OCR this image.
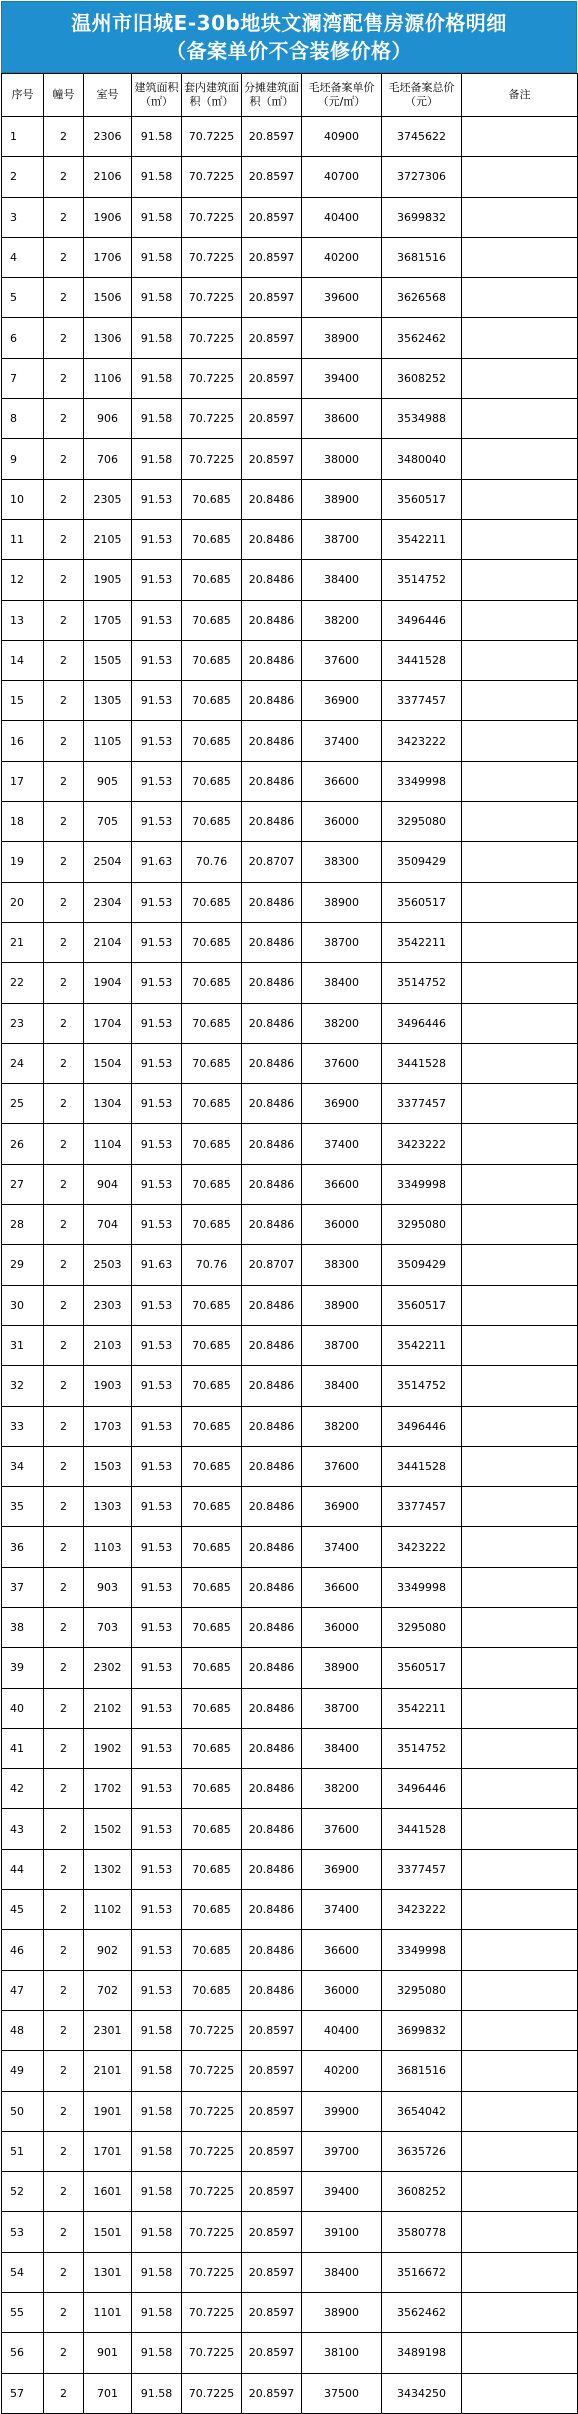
温州市旧城E-30b地块文澜湾配售房源价格明细
（备案单价不含装修价格）
序号	幢号	室号	建筑面积（㎡）	套内建筑面积（㎡）	分摊建筑面积（㎡）	毛坯备案单价（元/㎡）	毛坯备案总价（元）	备注
1	2	2306	91.58	70.7225	20.8597	40900	3745622	
2	2	2106	91.58	70.7225	20.8597	40700	3727306	
3	2	1906	91.58	70.7225	20.8597	40400	3699832	
4	2	1706	91.58	70.7225	20.8597	40200	3681516	
5	2	1506	91.58	70.7225	20.8597	39600	3626568	
6	2	1306	91.58	70.7225	20.8597	38900	3562462	
7	2	1106	91.58	70.7225	20.8597	39400	3608252	
8	2	906	91.58	70.7225	20.8597	38600	3534988	
9	2	706	91.58	70.7225	20.8597	38000	3480040	
10	2	2305	91.53	70.685	20.8486	38900	3560517	
11	2	2105	91.53	70.685	20.8486	38700	3542211	
12	2	1905	91.53	70.685	20.8486	38400	3514752	
13	2	1705	91.53	70.685	20.8486	38200	3496446	
14	2	1505	91.53	70.685	20.8486	37600	3441528	
15	2	1305	91.53	70.685	20.8486	36900	3377457	
16	2	1105	91.53	70.685	20.8486	37400	3423222	
17	2	905	91.53	70.685	20.8486	36600	3349998	
18	2	705	91.53	70.685	20.8486	36000	3295080	
19	2	2504	91.63	70.76	20.8707	38300	3509429	
20	2	2304	91.53	70.685	20.8486	38900	3560517	
21	2	2104	91.53	70.685	20.8486	38700	3542211	
22	2	1904	91.53	70.685	20.8486	38400	3514752	
23	2	1704	91.53	70.685	20.8486	38200	3496446	
24	2	1504	91.53	70.685	20.8486	37600	3441528	
25	2	1304	91.53	70.685	20.8486	36900	3377457	
26	2	1104	91.53	70.685	20.8486	37400	3423222	
27	2	904	91.53	70.685	20.8486	36600	3349998	
28	2	704	91.53	70.685	20.8486	36000	3295080	
29	2	2503	91.63	70.76	20.8707	38300	3509429	
30	2	2303	91.53	70.685	20.8486	38900	3560517	
31	2	2103	91.53	70.685	20.8486	38700	3542211	
32	2	1903	91.53	70.685	20.8486	38400	3514752	
33	2	1703	91.53	70.685	20.8486	38200	3496446	
34	2	1503	91.53	70.685	20.8486	37600	3441528	
35	2	1303	91.53	70.685	20.8486	36900	3377457	
36	2	1103	91.53	70.685	20.8486	37400	3423222	
37	2	903	91.53	70.685	20.8486	36600	3349998	
38	2	703	91.53	70.685	20.8486	36000	3295080	
39	2	2302	91.53	70.685	20.8486	38900	3560517	
40	2	2102	91.53	70.685	20.8486	38700	3542211	
41	2	1902	91.53	70.685	20.8486	38400	3514752	
42	2	1702	91.53	70.685	20.8486	38200	3496446	
43	2	1502	91.53	70.685	20.8486	37600	3441528	
44	2	1302	91.53	70.685	20.8486	36900	3377457	
45	2	1102	91.53	70.685	20.8486	37400	3423222	
46	2	902	91.53	70.685	20.8486	36600	3349998	
47	2	702	91.53	70.685	20.8486	36000	3295080	
48	2	2301	91.58	70.7225	20.8597	40400	3699832	
49	2	2101	91.58	70.7225	20.8597	40200	3681516	
50	2	1901	91.58	70.7225	20.8597	39900	3654042	
51	2	1701	91.58	70.7225	20.8597	39700	3635726	
52	2	1601	91.58	70.7225	20.8597	39400	3608252	
53	2	1501	91.58	70.7225	20.8597	39100	3580778	
54	2	1301	91.58	70.7225	20.8597	38400	3516672	
55	2	1101	91.58	70.7225	20.8597	38900	3562462	
56	2	901	91.58	70.7225	20.8597	38100	3489198	
57	2	701	91.58	70.7225	20.8597	37500	3434250	
